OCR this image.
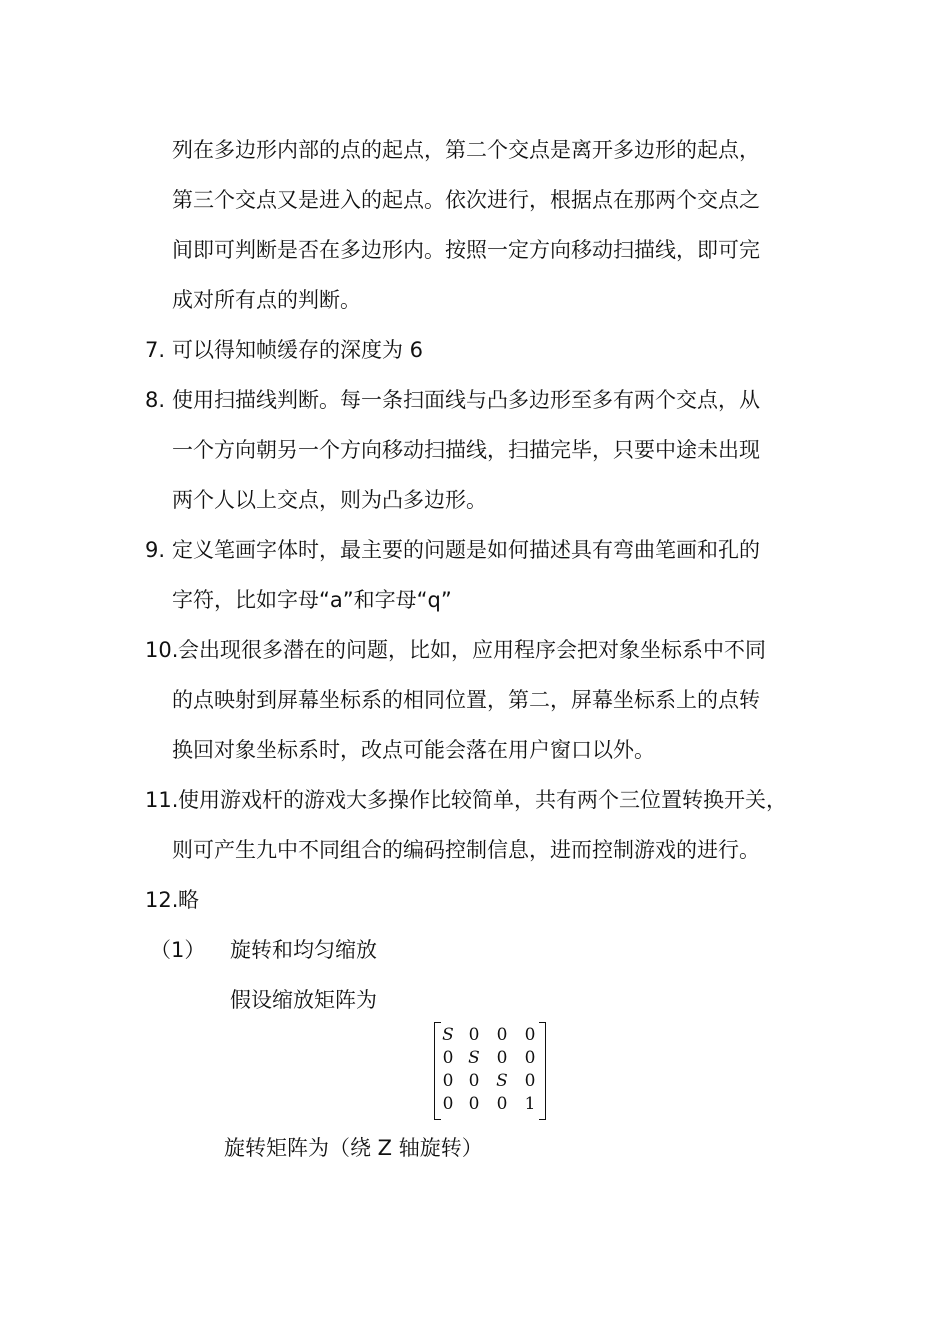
列在多边形内部的点的起点，第二个交点是离开多边形的起点，
第三个交点又是进入的起点。依次进行，根据点在那两个交点之
间即可判断是否在多边形内。按照一定方向移动扫描线，即可完
成对所有点的判断。
7. 可以得知帧缓存的深度为 6
8. 使用扫描线判断。每一条扫面线与凸多边形至多有两个交点，从
一个方向朝另一个方向移动扫描线，扫描完毕，只要中途未出现
两个人以上交点，则为凸多边形。
9. 定义笔画字体时，最主要的问题是如何描述具有弯曲笔画和孔的
字符，比如字母“a”和字母“q”
10. 会出现很多潜在的问题，比如，应用程序会把对象坐标系中不同
的点映射到屏幕坐标系的相同位置，第二，屏幕坐标系上的点转
换回对象坐标系时，改点可能会落在用户窗口以外。
11. 使用游戏杆的游戏大多操作比较简单，共有两个三位置转换开关，
则可产生九中不同组合的编码控制信息，进而控制游戏的进行。
12. 略
（1） 旋转和均匀缩放
假设缩放矩阵为
S 0 0 0
0 S 0 0
0 0 S 0
0 0 0 1
旋转矩阵为（绕 Z 轴旋转）
